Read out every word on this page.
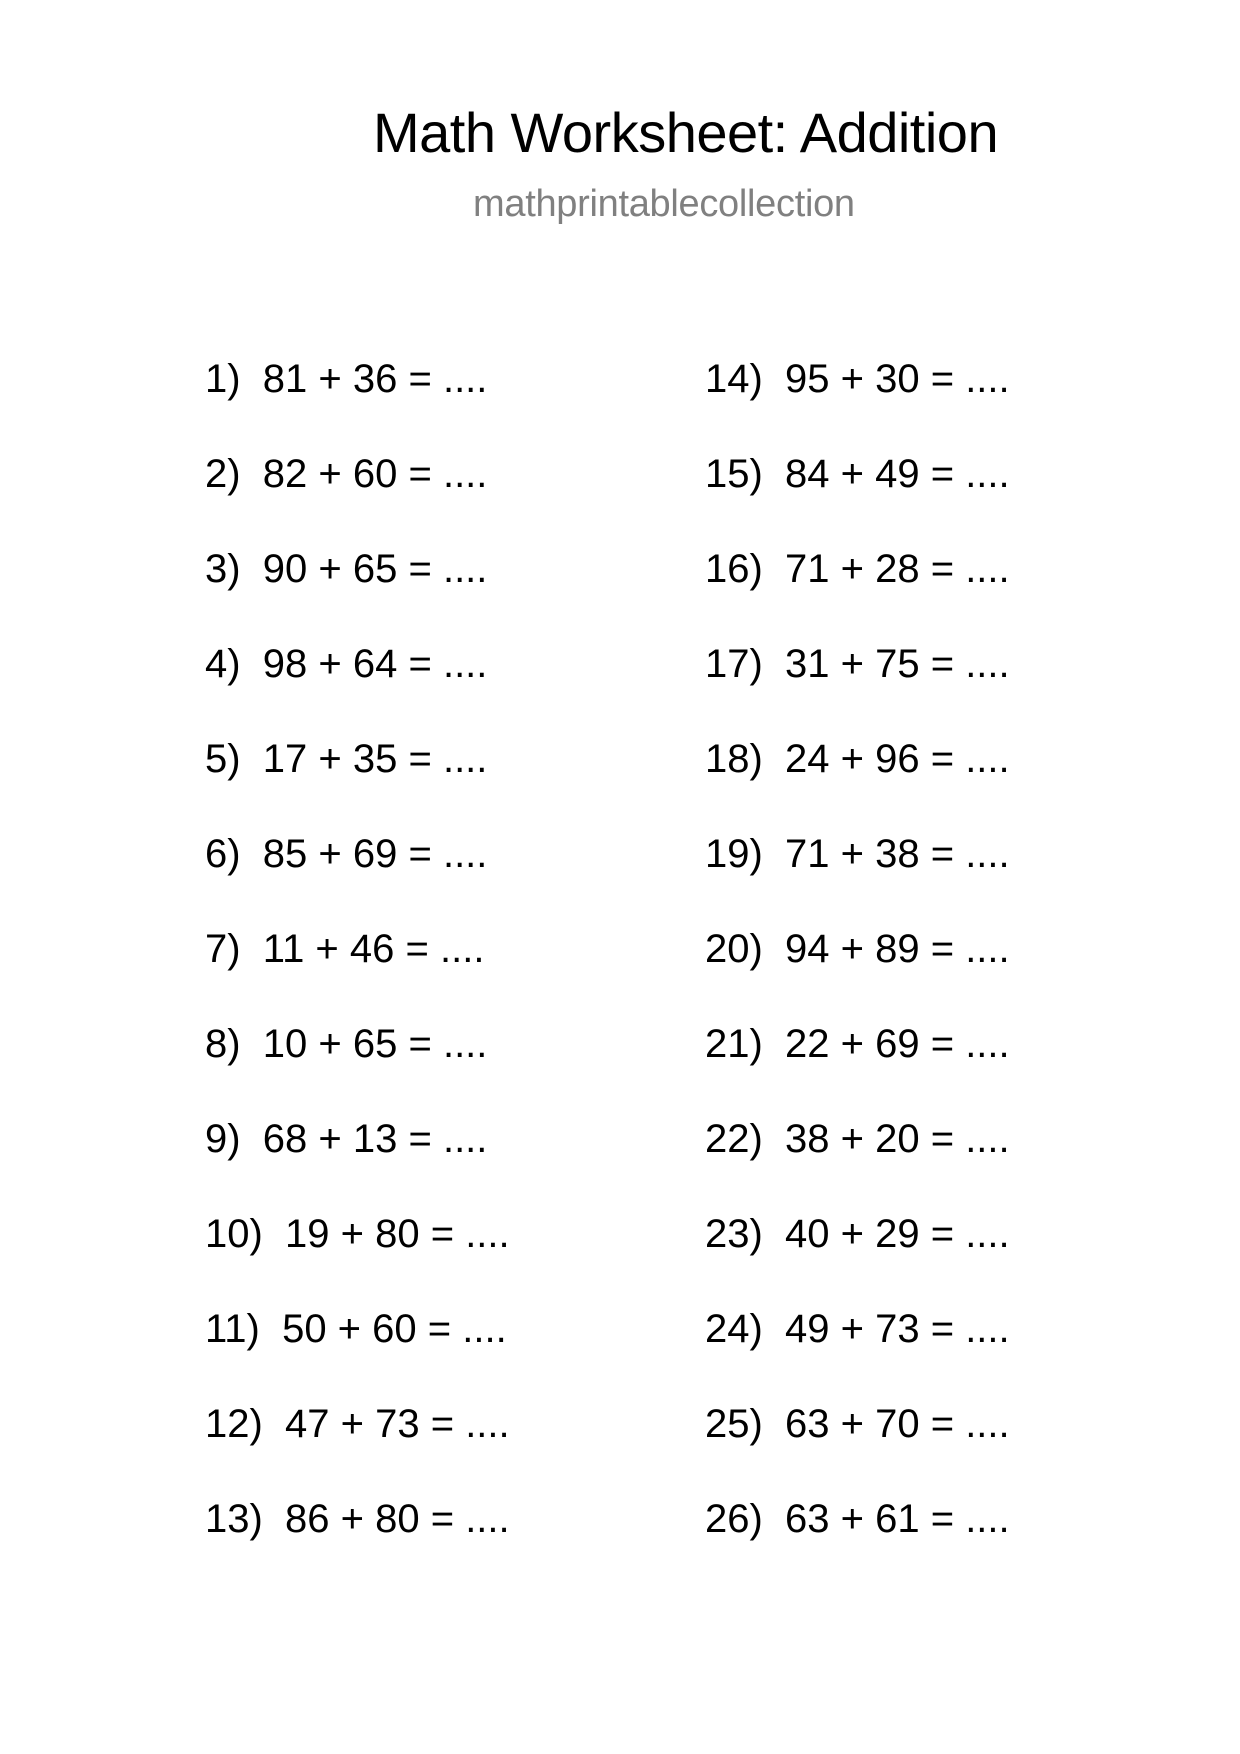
Math Worksheet: Addition
mathprintablecollection
1)  81 + 36 = ....
2)  82 + 60 = ....
3)  90 + 65 = ....
4)  98 + 64 = ....
5)  17 + 35 = ....
6)  85 + 69 = ....
7)  11 + 46 = ....
8)  10 + 65 = ....
9)  68 + 13 = ....
10)  19 + 80 = ....
11)  50 + 60 = ....
12)  47 + 73 = ....
13)  86 + 80 = ....
14)  95 + 30 = ....
15)  84 + 49 = ....
16)  71 + 28 = ....
17)  31 + 75 = ....
18)  24 + 96 = ....
19)  71 + 38 = ....
20)  94 + 89 = ....
21)  22 + 69 = ....
22)  38 + 20 = ....
23)  40 + 29 = ....
24)  49 + 73 = ....
25)  63 + 70 = ....
26)  63 + 61 = ....
